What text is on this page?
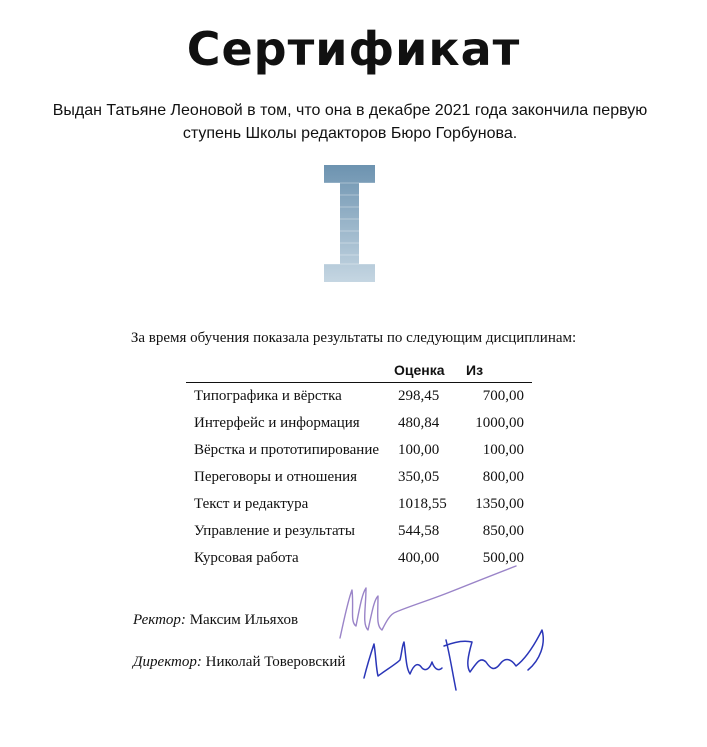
Сертификат
Выдан Татьяне Леоновой в том, что она в декабре 2021 года закончила первую
ступень Школы редакторов Бюро Горбунова.
За время обучения показала результаты по следующим дисциплинам:
	Оценка	Из
Типографика и вёрстка	298,45	700,00
Интерфейс и информация	480,84	1000,00
Вёрстка и прототипирование	100,00	100,00
Переговоры и отношения	350,05	800,00
Текст и редактура	1018,55	1350,00
Управление и результаты	544,58	850,00
Курсовая работа	400,00	500,00
Ректор: Максим Ильяхов
Директор: Николай Товеровский
